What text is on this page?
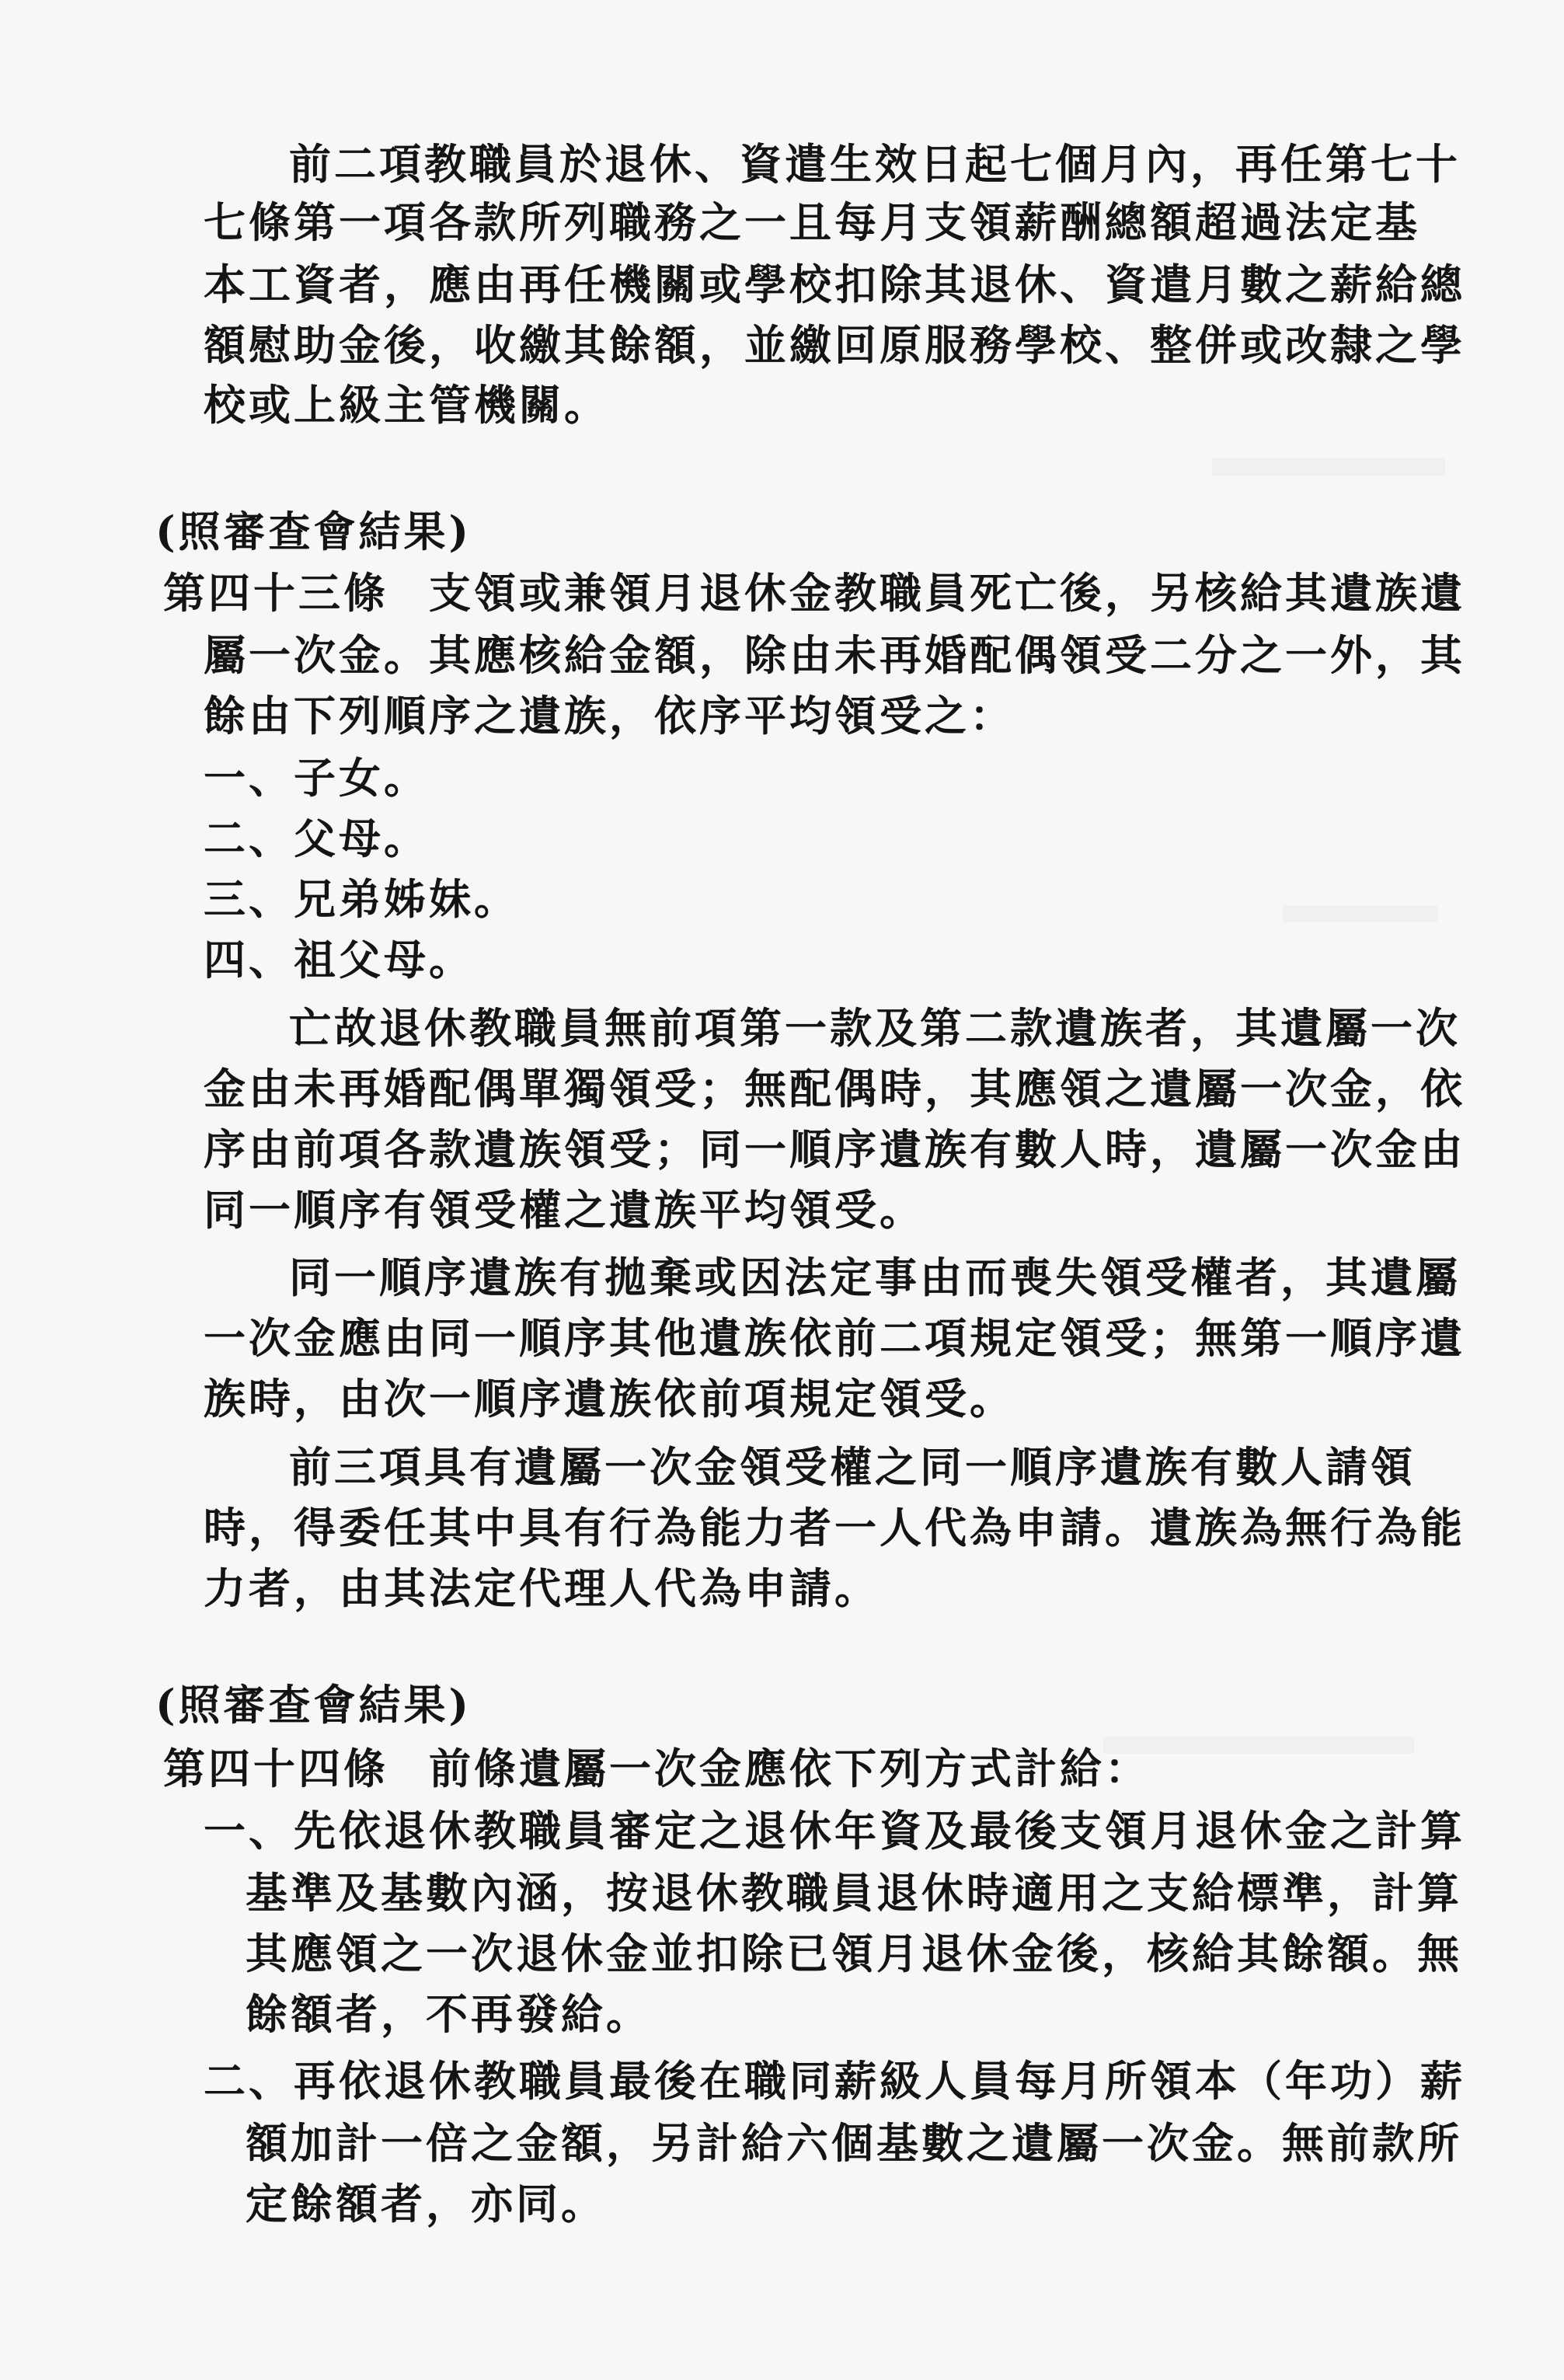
前二項教職員於退休、資遣生效日起七個月內，再任第七十
七條第一項各款所列職務之一且每月支領薪酬總額超過法定基
本工資者，應由再任機關或學校扣除其退休、資遣月數之薪給總
額慰助金後，收繳其餘額，並繳回原服務學校、整併或改隸之學
校或上級主管機關。
(照審查會結果)
第四十三條 支領或兼領月退休金教職員死亡後，另核給其遺族遺
屬一次金。其應核給金額，除由未再婚配偶領受二分之一外，其
餘由下列順序之遺族，依序平均領受之：
一、子女。
二、父母。
三、兄弟姊妹。
四、祖父母。
亡故退休教職員無前項第一款及第二款遺族者，其遺屬一次
金由未再婚配偶單獨領受；無配偶時，其應領之遺屬一次金，依
序由前項各款遺族領受；同一順序遺族有數人時，遺屬一次金由
同一順序有領受權之遺族平均領受。
同一順序遺族有拋棄或因法定事由而喪失領受權者，其遺屬
一次金應由同一順序其他遺族依前二項規定領受；無第一順序遺
族時，由次一順序遺族依前項規定領受。
前三項具有遺屬一次金領受權之同一順序遺族有數人請領
時，得委任其中具有行為能力者一人代為申請。遺族為無行為能
力者，由其法定代理人代為申請。
(照審查會結果)
第四十四條 前條遺屬一次金應依下列方式計給：
一、先依退休教職員審定之退休年資及最後支領月退休金之計算
基準及基數內涵，按退休教職員退休時適用之支給標準，計算
其應領之一次退休金並扣除已領月退休金後，核給其餘額。無
餘額者，不再發給。
二、再依退休教職員最後在職同薪級人員每月所領本（年功）薪
額加計一倍之金額，另計給六個基數之遺屬一次金。無前款所
定餘額者，亦同。
